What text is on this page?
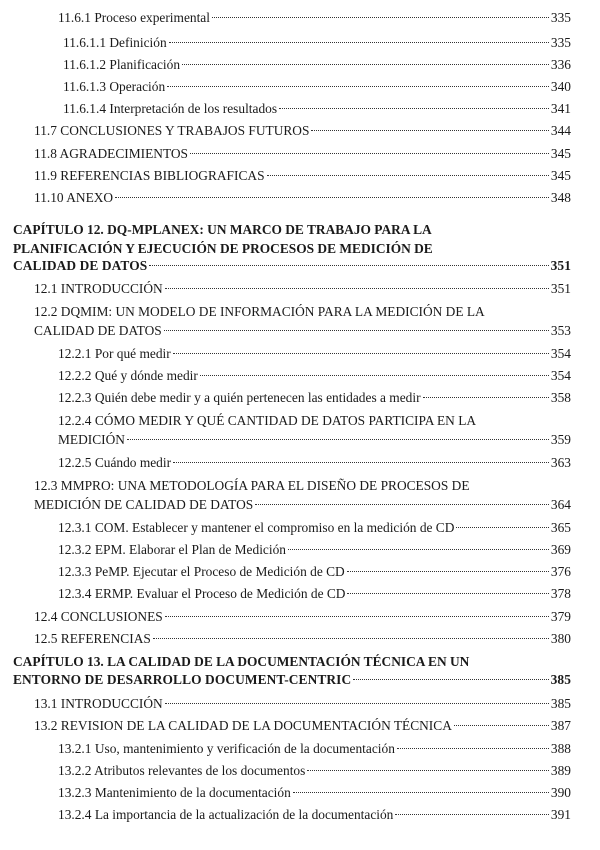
11.6.1 Proceso experimental	335
11.6.1.1 Definición	335
11.6.1.2 Planificación	336
11.6.1.3 Operación	340
11.6.1.4 Interpretación de los resultados	341
11.7 CONCLUSIONES Y TRABAJOS FUTUROS	344
11.8 AGRADECIMIENTOS	345
11.9 REFERENCIAS BIBLIOGRAFICAS	345
11.10 ANEXO	348
CAPÍTULO 12. DQ-MPLANEX: UN MARCO DE TRABAJO PARA LA
PLANIFICACIÓN Y EJECUCIÓN DE PROCESOS DE MEDICIÓN DE
CALIDAD DE DATOS	351
12.1 INTRODUCCIÓN	351
12.2 DQMIM: UN MODELO DE INFORMACIÓN PARA LA MEDICIÓN DE LA
CALIDAD DE DATOS	353
12.2.1 Por qué medir	354
12.2.2 Qué y dónde medir	354
12.2.3 Quién debe medir y a quién pertenecen las entidades a medir	358
12.2.4 CÓMO MEDIR Y QUÉ CANTIDAD DE DATOS PARTICIPA EN LA
MEDICIÓN	359
12.2.5 Cuándo medir	363
12.3 MMPRO: UNA METODOLOGÍA PARA EL DISEÑO DE PROCESOS DE
MEDICIÓN DE CALIDAD DE DATOS	364
12.3.1 COM. Establecer y mantener el compromiso en la medición de CD	365
12.3.2 EPM. Elaborar el Plan de Medición	369
12.3.3 PeMP. Ejecutar el Proceso de Medición de CD	376
12.3.4 ERMP. Evaluar el Proceso de Medición de CD	378
12.4 CONCLUSIONES	379
12.5 REFERENCIAS	380
CAPÍTULO 13. LA CALIDAD DE LA DOCUMENTACIÓN TÉCNICA EN UN
ENTORNO DE DESARROLLO DOCUMENT-CENTRIC	385
13.1 INTRODUCCIÓN	385
13.2 REVISION DE LA CALIDAD DE LA DOCUMENTACIÓN TÉCNICA	387
13.2.1 Uso, mantenimiento y verificación de la documentación	388
13.2.2 Atributos relevantes de los documentos	389
13.2.3 Mantenimiento de la documentación	390
13.2.4 La importancia de la actualización de la documentación	391
